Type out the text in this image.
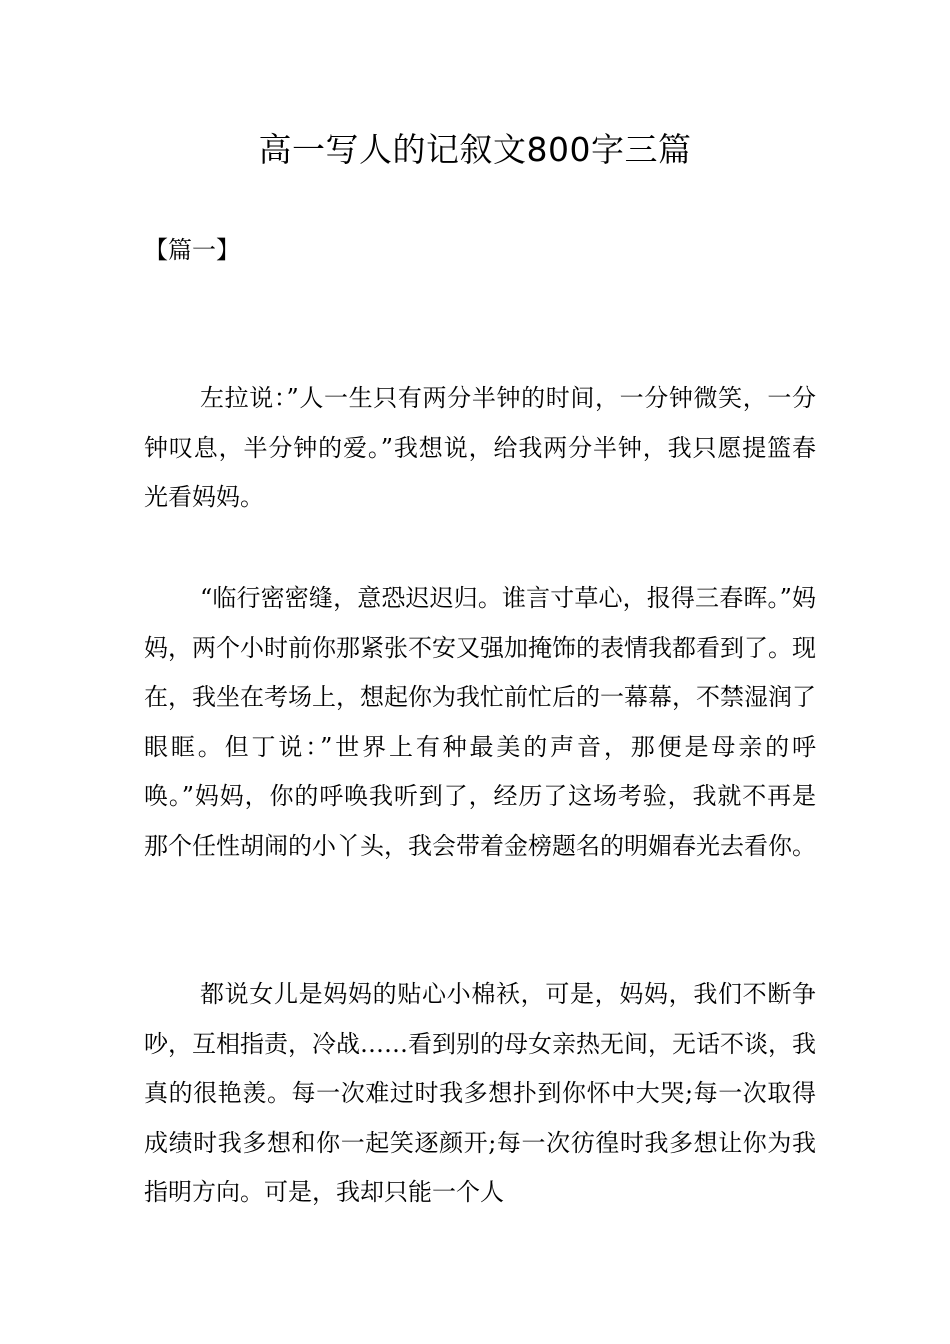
高一写人的记叙文800字三篇
【篇一】

左拉说：”人一生只有两分半钟的时间，一分钟微笑，一分钟叹息，半分钟的爱。”我想说，给我两分半钟，我只愿提篮春光看妈妈。

“临行密密缝，意恐迟迟归。谁言寸草心，报得三春晖。”妈妈，两个小时前你那紧张不安又强加掩饰的表情我都看到了。现在，我坐在考场上，想起你为我忙前忙后的一幕幕，不禁湿润了眼眶。但丁说：”世界上有种最美的声音，那便是母亲的呼唤。”妈妈，你的呼唤我听到了，经历了这场考验，我就不再是那个任性胡闹的小丫头，我会带着金榜题名的明媚春光去看你。

都说女儿是妈妈的贴心小棉袄，可是，妈妈，我们不断争吵，互相指责，冷战……看到别的母女亲热无间，无话不谈，我真的很艳羡。每一次难过时我多想扑到你怀中大哭;每一次取得成绩时我多想和你一起笑逐颜开;每一次彷徨时我多想让你为我指明方向。可是，我却只能一个人
